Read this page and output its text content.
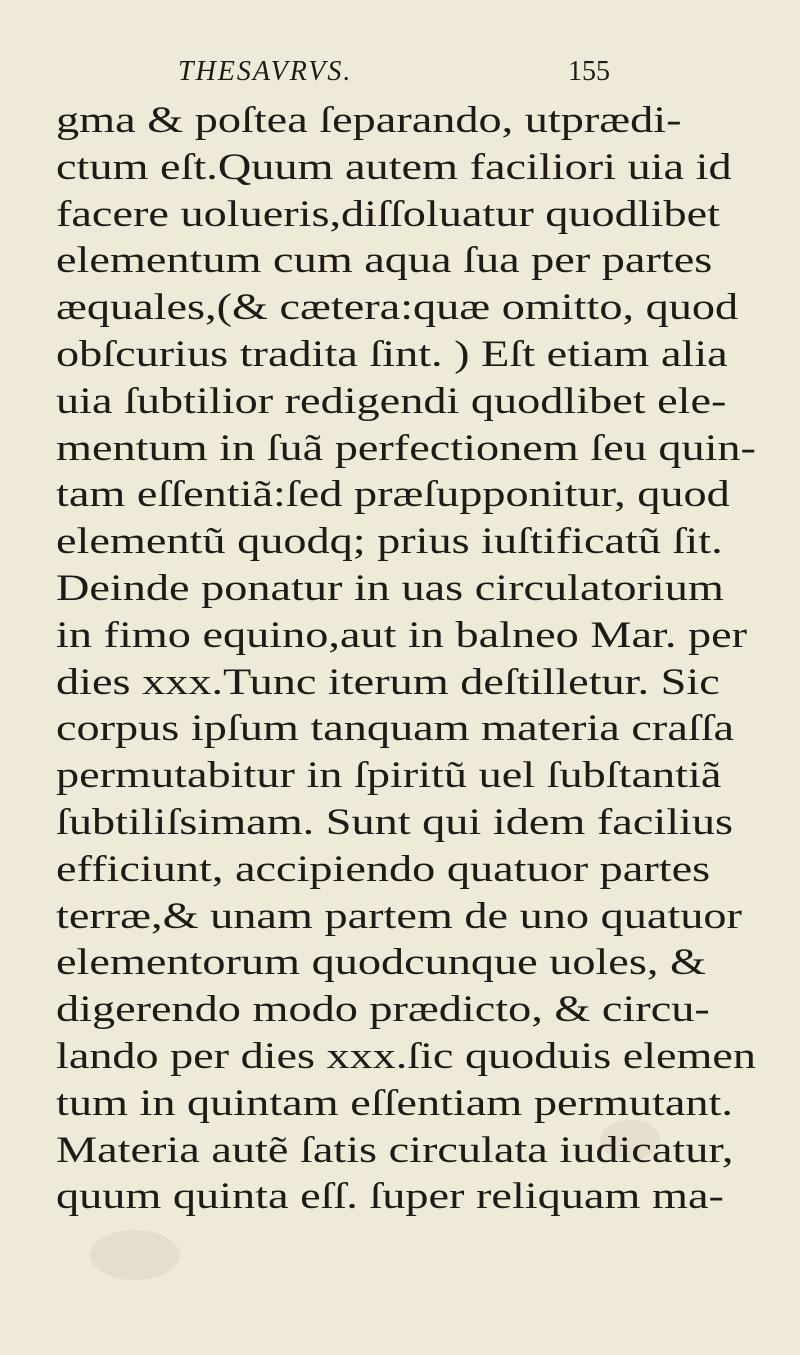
THESAVRVS.	155
gma & poſtea ſeparando, utprædi-
ctum eſt.Quum autem faciliori uia id
facere uolueris,diſſoluatur quodlibet
elementum cum aqua ſua per partes
æquales,(& cætera:quæ omitto, quod
obſcurius tradita ſint. ) Eſt etiam alia
uia ſubtilior redigendi quodlibet ele-
mentum in ſuã perfectionem ſeu quin-
tam eſſentiã:ſed præſupponitur, quod
elementũ quodq; prius iuſtificatũ ſit.
Deinde ponatur in uas circulatorium
in fimo equino,aut in balneo Mar. per
dies xxx.Tunc iterum deſtilletur. Sic
corpus ipſum tanquam materia craſſa
permutabitur in ſpiritũ uel ſubſtantiã
ſubtiliſsimam. Sunt qui idem facilius
efficiunt, accipiendo quatuor partes
terræ,& unam partem de uno quatuor
elementorum quodcunque uoles, &
digerendo modo prædicto, & circu-
lando per dies xxx.ſic quoduis elemen
tum in quintam eſſentiam permutant.
Materia autẽ ſatis circulata iudicatur,
quum quinta eſſ. ſuper reliquam ma-
